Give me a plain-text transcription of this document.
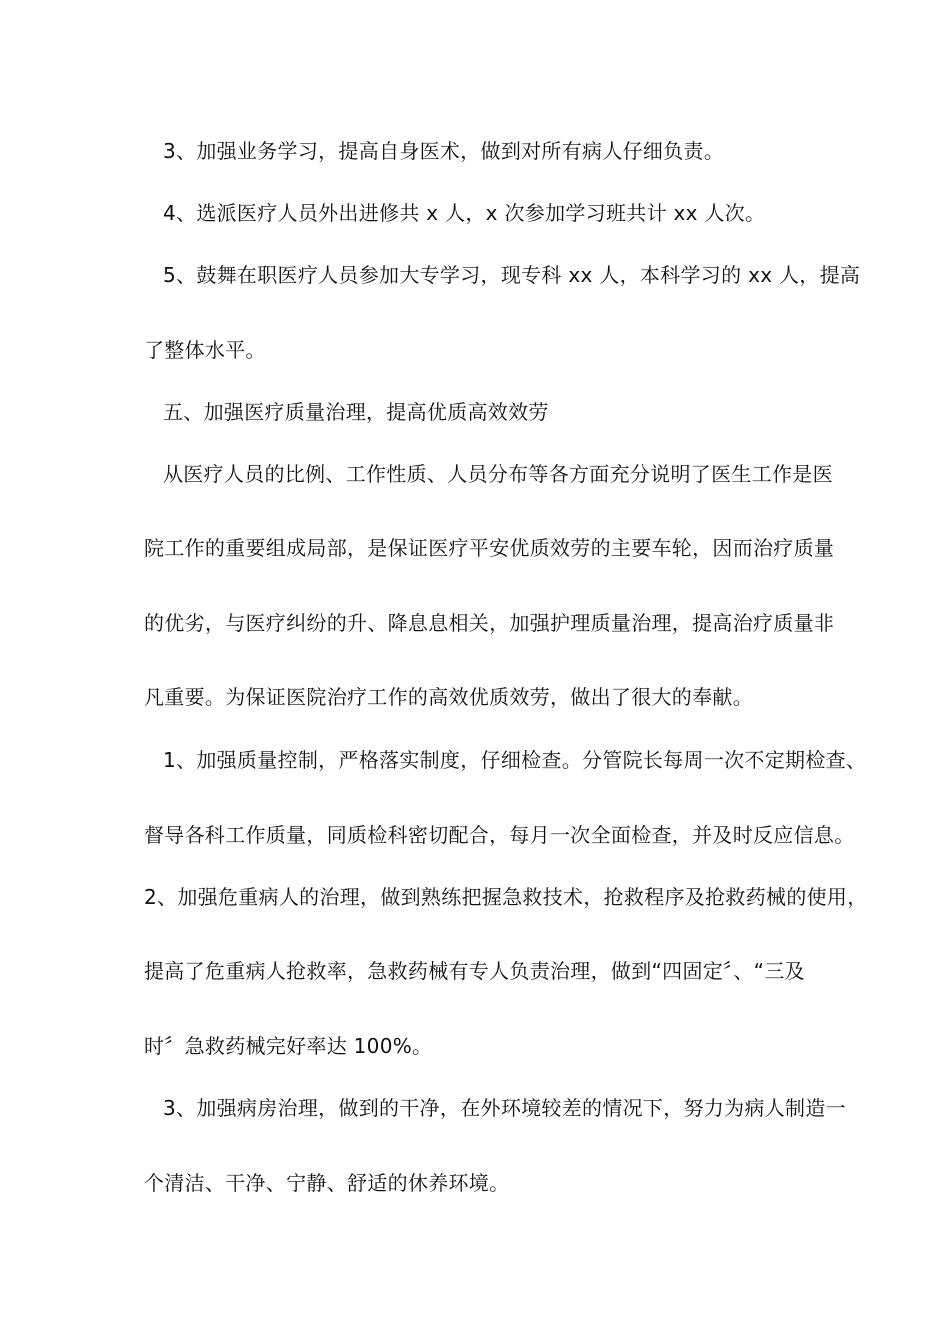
3、加强业务学习，提高自身医术，做到对所有病人仔细负责。
4、选派医疗人员外出进修共 x 人，x 次参加学习班共计 xx 人次。
5、鼓舞在职医疗人员参加大专学习，现专科 xx 人，本科学习的 xx 人，提高
了整体水平。
五、加强医疗质量治理，提高优质高效效劳
从医疗人员的比例、工作性质、人员分布等各方面充分说明了医生工作是医
院工作的重要组成局部，是保证医疗平安优质效劳的主要车轮，因而治疗质量
的优劣，与医疗纠纷的升、降息息相关，加强护理质量治理，提高治疗质量非
凡重要。为保证医院治疗工作的高效优质效劳，做出了很大的奉献。
1、加强质量控制，严格落实制度，仔细检查。分管院长每周一次不定期检查、
督导各科工作质量，同质检科密切配合，每月一次全面检查，并及时反应信息。
2、加强危重病人的治理，做到熟练把握急救技术，抢救程序及抢救药械的使用，
提高了危重病人抢救率，急救药械有专人负责治理，做到“四固定〞、“三及
时〞急救药械完好率达 100%。
3、加强病房治理，做到的干净，在外环境较差的情况下，努力为病人制造一
个清洁、干净、宁静、舒适的休养环境。
